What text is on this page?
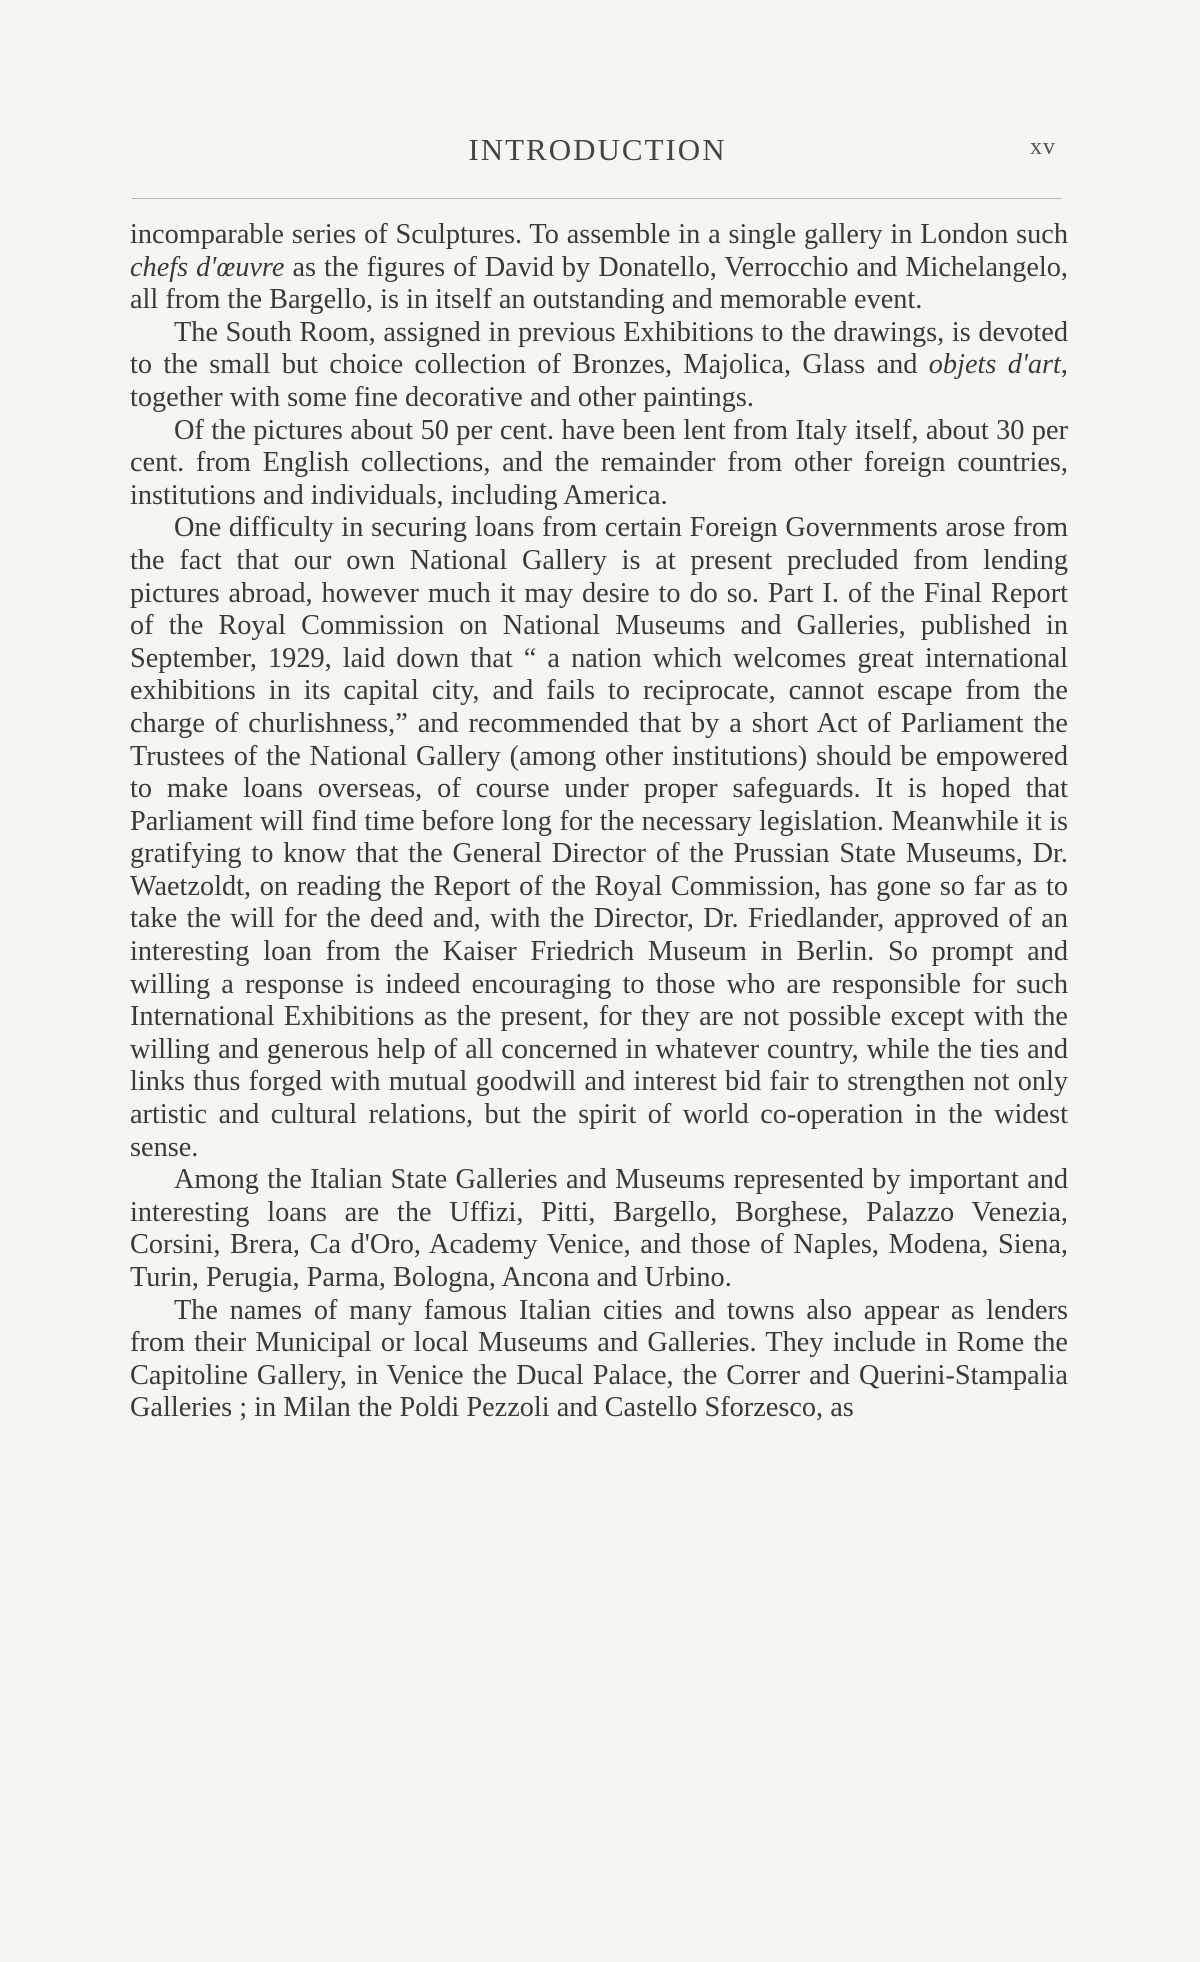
INTRODUCTION	xv

incomparable series of Sculptures. To assemble in a single gallery in London such chefs d'œuvre as the figures of David by Donatello, Verrocchio and Michelangelo, all from the Bargello, is in itself an outstanding and memorable event.

The South Room, assigned in previous Exhibitions to the drawings, is devoted to the small but choice collection of Bronzes, Majolica, Glass and objets d'art, together with some fine decorative and other paintings.

Of the pictures about 50 per cent. have been lent from Italy itself, about 30 per cent. from English collections, and the remainder from other foreign countries, institutions and individuals, including America.

One difficulty in securing loans from certain Foreign Governments arose from the fact that our own National Gallery is at present precluded from lending pictures abroad, however much it may desire to do so. Part I. of the Final Report of the Royal Commission on National Museums and Galleries, published in September, 1929, laid down that “ a nation which welcomes great international exhibitions in its capital city, and fails to reciprocate, cannot escape from the charge of churlishness,” and recommended that by a short Act of Parliament the Trustees of the National Gallery (among other institutions) should be empowered to make loans overseas, of course under proper safeguards. It is hoped that Parliament will find time before long for the necessary legislation. Meanwhile it is gratifying to know that the General Director of the Prussian State Museums, Dr. Waetzoldt, on reading the Report of the Royal Commission, has gone so far as to take the will for the deed and, with the Director, Dr. Friedlander, approved of an interesting loan from the Kaiser Friedrich Museum in Berlin. So prompt and willing a response is indeed encouraging to those who are responsible for such International Exhibitions as the present, for they are not possible except with the willing and generous help of all concerned in whatever country, while the ties and links thus forged with mutual goodwill and interest bid fair to strengthen not only artistic and cultural relations, but the spirit of world co-operation in the widest sense.

Among the Italian State Galleries and Museums represented by important and interesting loans are the Uffizi, Pitti, Bargello, Borghese, Palazzo Venezia, Corsini, Brera, Ca d'Oro, Academy Venice, and those of Naples, Modena, Siena, Turin, Perugia, Parma, Bologna, Ancona and Urbino.

The names of many famous Italian cities and towns also appear as lenders from their Municipal or local Museums and Galleries. They include in Rome the Capitoline Gallery, in Venice the Ducal Palace, the Correr and Querini-Stampalia Galleries ; in Milan the Poldi Pezzoli and Castello Sforzesco, as
